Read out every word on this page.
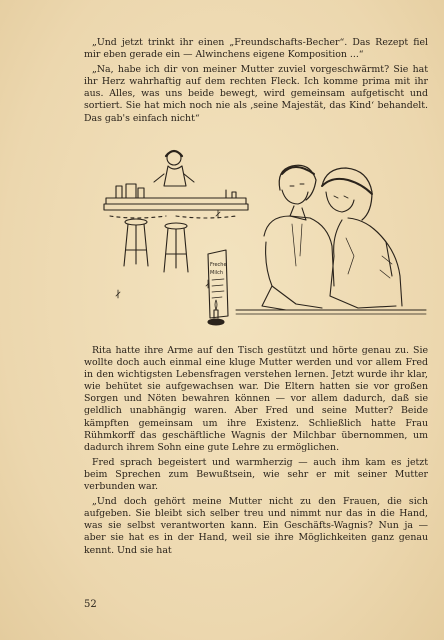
„Und jetzt trinkt ihr einen „Freundschafts-Becher“. Das Rezept fiel mir eben gerade ein — Alwinchens eigene Komposition ...“

„Na, habe ich dir von meiner Mutter zuviel vorgeschwärmt? Sie hat ihr Herz wahrhaftig auf dem rechten Fleck. Ich komme prima mit ihr aus. Alles, was uns beide bewegt, wird gemeinsam aufgetischt und sortiert. Sie hat mich noch nie als ‚seine Majestät, das Kind‘ behandelt. Das gab's einfach nicht“

Freche
Milch

Rita hatte ihre Arme auf den Tisch gestützt und hörte genau zu. Sie wollte doch auch einmal eine kluge Mutter werden und vor allem Fred in den wichtigsten Lebensfragen verstehen lernen. Jetzt wurde ihr klar, wie behütet sie aufgewachsen war. Die Eltern hatten sie vor großen Sorgen und Nöten bewahren können — vor allem dadurch, daß sie geldlich unabhängig waren. Aber Fred und seine Mutter? Beide kämpften gemeinsam um ihre Existenz. Schließlich hatte Frau Rühmkorff das geschäftliche Wagnis der Milchbar übernommen, um dadurch ihrem Sohn eine gute Lehre zu ermöglichen.

Fred sprach begeistert und warmherzig — auch ihm kam es jetzt beim Sprechen zum Bewußtsein, wie sehr er mit seiner Mutter verbunden war.

„Und doch gehört meine Mutter nicht zu den Frauen, die sich aufgeben. Sie bleibt sich selber treu und nimmt nur das in die Hand, was sie selbst verantworten kann. Ein Geschäfts-Wagnis? Nun ja — aber sie hat es in der Hand, weil sie ihre Möglichkeiten ganz genau kennt. Und sie hat

52
